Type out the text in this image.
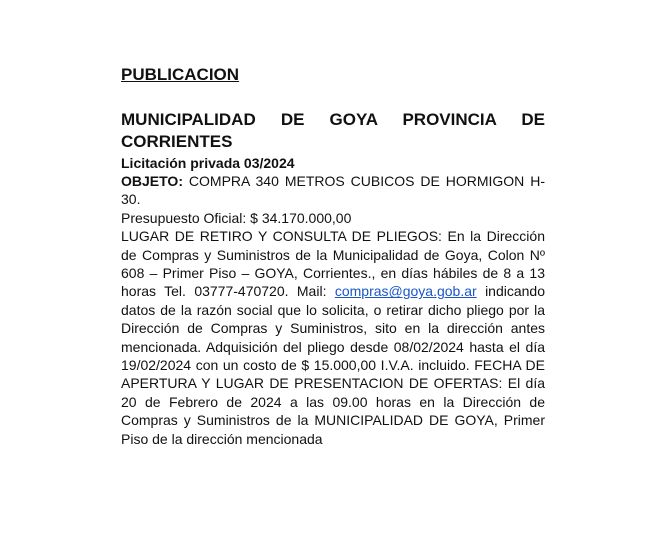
PUBLICACION
MUNICIPALIDAD DE GOYA PROVINCIA DE CORRIENTES
Licitación privada 03/2024
OBJETO: COMPRA 340 METROS CUBICOS DE HORMIGON H-30.
Presupuesto Oficial: $ 34.170.000,00
LUGAR DE RETIRO Y CONSULTA DE PLIEGOS: En la Dirección de Compras y Suministros de la Municipalidad de Goya, Colon Nº 608 – Primer Piso – GOYA, Corrientes., en días hábiles de 8 a 13 horas Tel. 03777-470720. Mail: compras@goya.gob.ar indicando datos de la razón social que lo solicita, o retirar dicho pliego por la Dirección de Compras y Suministros, sito en la dirección antes mencionada. Adquisición del pliego desde 08/02/2024 hasta el día 19/02/2024 con un costo de $ 15.000,00 I.V.A. incluido. FECHA DE APERTURA Y LUGAR DE PRESENTACION DE OFERTAS: El día 20 de Febrero de 2024 a las 09.00 horas en la Dirección de Compras y Suministros de la MUNICIPALIDAD DE GOYA, Primer Piso de la dirección mencionada
